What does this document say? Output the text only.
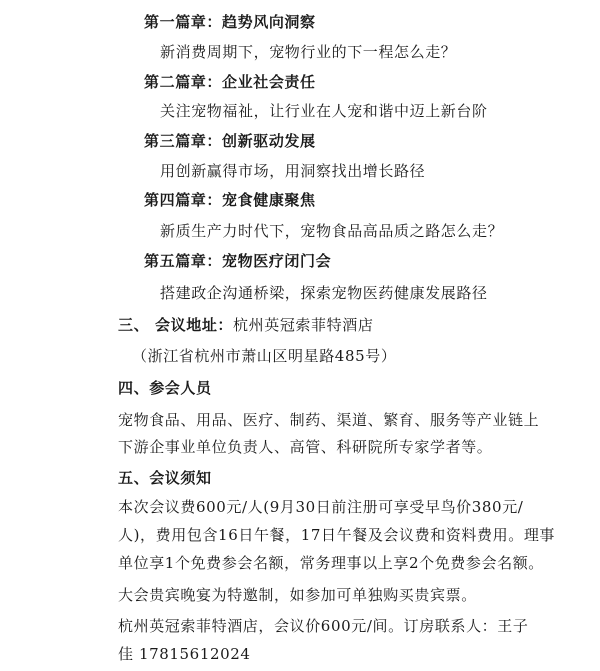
第一篇章：趋势风向洞察
新消费周期下，宠物行业的下一程怎么走？
第二篇章：企业社会责任
关注宠物福祉，让行业在人宠和谐中迈上新台阶
第三篇章：创新驱动发展
用创新赢得市场，用洞察找出增长路径
第四篇章：宠食健康聚焦
新质生产力时代下，宠物食品高品质之路怎么走？
第五篇章：宠物医疗闭门会
搭建政企沟通桥梁，探索宠物医药健康发展路径
三、 会议地址：杭州英冠索菲特酒店
（浙江省杭州市萧山区明星路485号）
四、参会人员
宠物食品、用品、医疗、制药、渠道、繁育、服务等产业链上
下游企事业单位负责人、高管、科研院所专家学者等。
五、会议须知
本次会议费600元/人(9月30日前注册可享受早鸟价380元/
人)，费用包含16日午餐，17日午餐及会议费和资料费用。理事
单位享1个免费参会名额，常务理事以上享2个免费参会名额。
大会贵宾晚宴为特邀制，如参加可单独购买贵宾票。
杭州英冠索菲特酒店，会议价600元/间。订房联系人：王子
佳 17815612024
